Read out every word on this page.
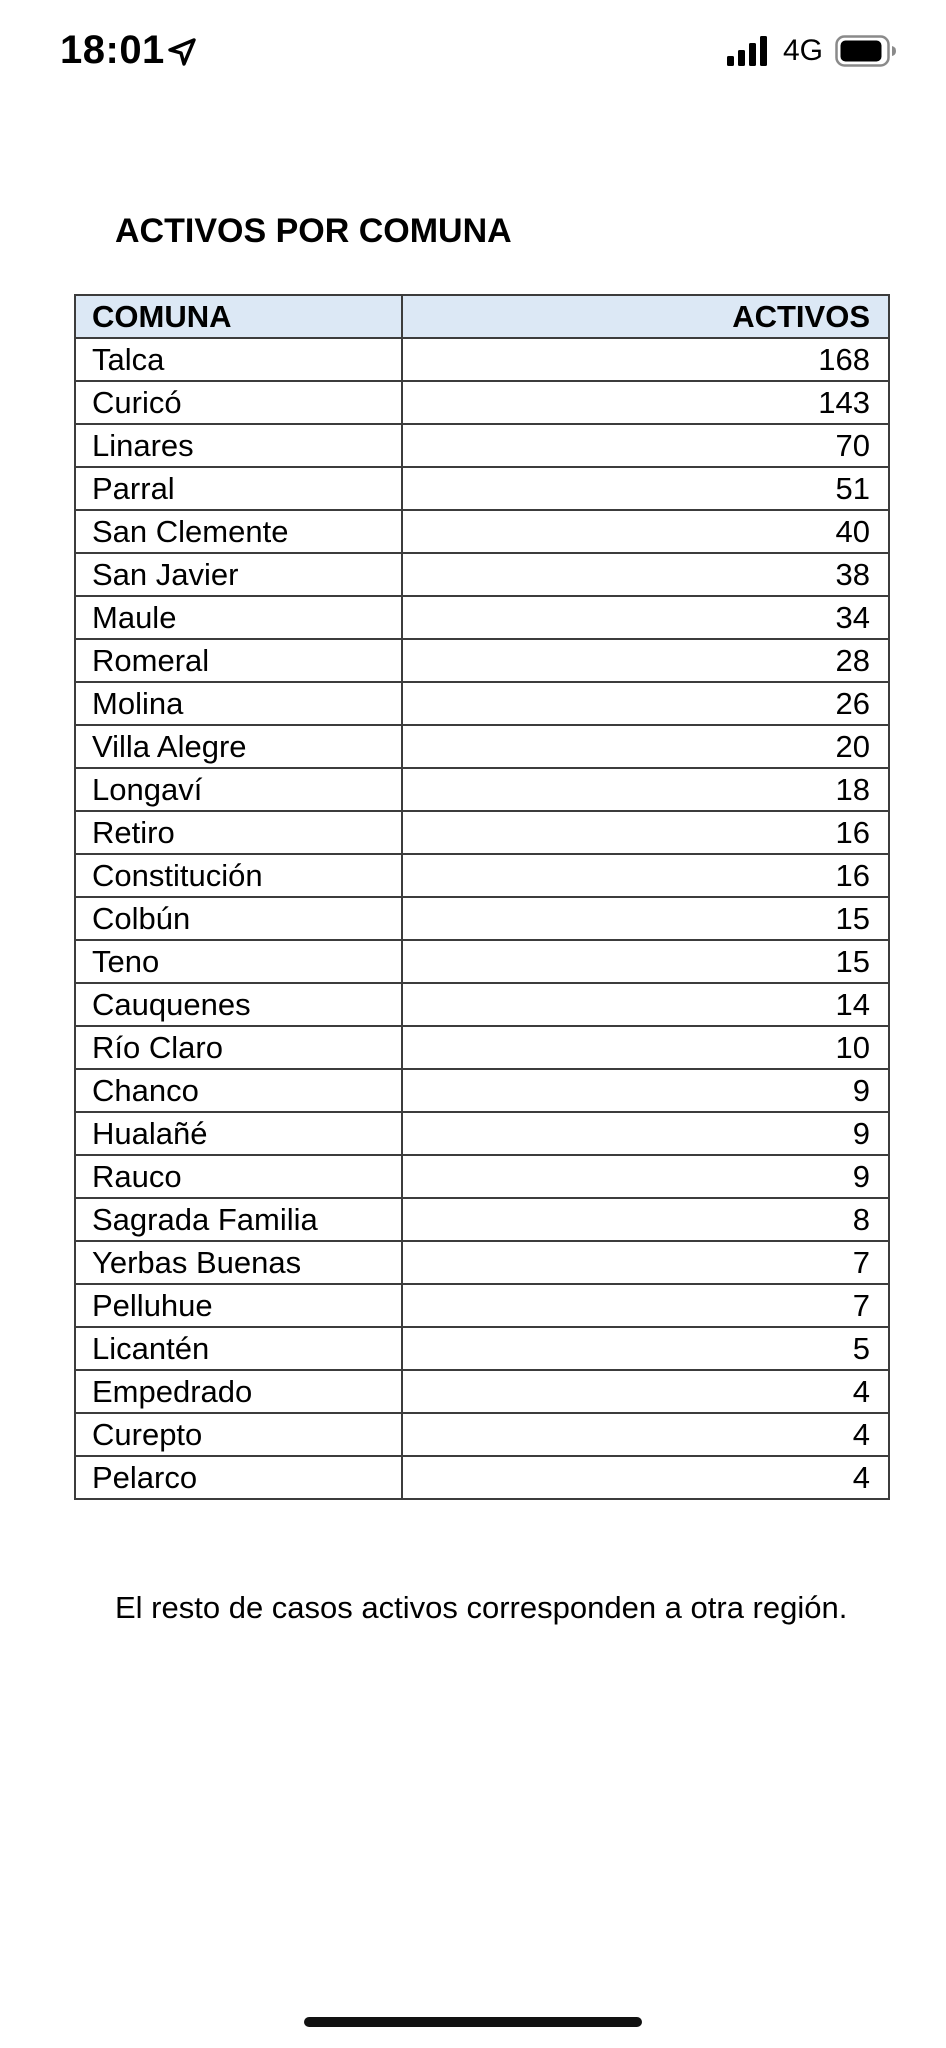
18:01	4G
ACTIVOS POR COMUNA
COMUNA	ACTIVOS
Talca	168
Curicó	143
Linares	70
Parral	51
San Clemente	40
San Javier	38
Maule	34
Romeral	28
Molina	26
Villa Alegre	20
Longaví	18
Retiro	16
Constitución	16
Colbún	15
Teno	15
Cauquenes	14
Río Claro	10
Chanco	9
Hualañé	9
Rauco	9
Sagrada Familia	8
Yerbas Buenas	7
Pelluhue	7
Licantén	5
Empedrado	4
Curepto	4
Pelarco	4
El resto de casos activos corresponden a otra región.
